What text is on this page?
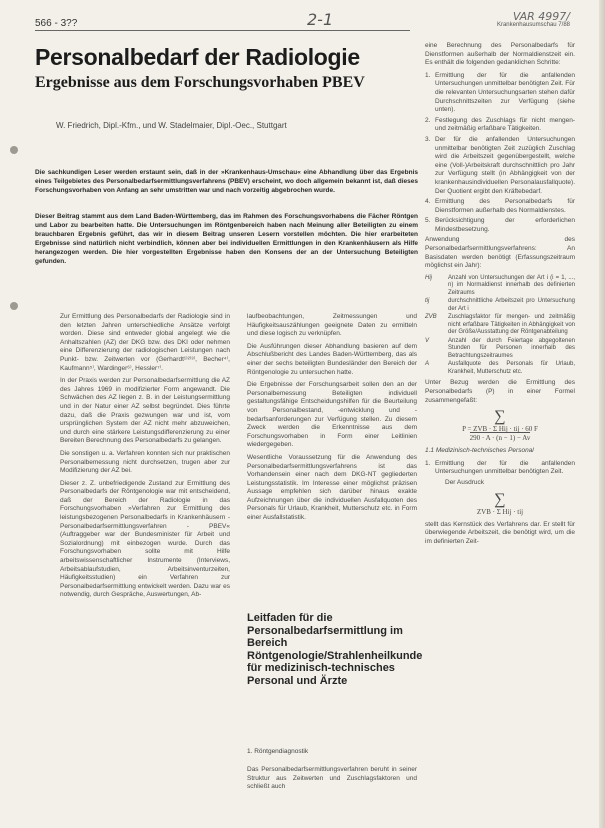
566 - 3??	2-1	VAR 4997/
Krankenhausumschau 7/88
Personalbedarf der Radiologie
Ergebnisse aus dem Forschungsvorhaben PBEV
W. Friedrich, Dipl.-Kfm., und W. Stadelmaier, Dipl.-Oec., Stuttgart

Die sachkundigen Leser werden erstaunt sein, daß in der »Krankenhaus-Umschau« eine Abhandlung über das Ergebnis eines Teilgebietes des Personalbedarfsermittlungsverfahrens (PBEV) erscheint, wo doch allgemein bekannt ist, daß dieses Forschungsvorhaben von Anfang an sehr umstritten war und nach vorzeitig abgebrochen wurde.

Dieser Beitrag stammt aus dem Land Baden-Württemberg, das im Rahmen des Forschungsvorhabens die Fächer Röntgen und Labor zu bearbeiten hatte. Die Untersuchungen im Röntgenbereich haben nach Meinung aller Beteiligten zu einem brauchbaren Ergebnis geführt, das wir in diesem Beitrag unseren Lesern vorstellen möchten. Die hier erarbeiteten Ergebnisse sind natürlich nicht verbindlich, können aber bei individuellen Ermittlungen in den Krankenhäusern als Hilfe herangezogen werden. Die hier vorgestellten Ergebnisse haben den Konsens der an der Untersuchung Beteiligten gefunden.

Zur Ermittlung des Personalbedarfs der Radiologie sind in den letzten Jahren unterschiedliche Ansätze verfolgt worden. Diese sind entweder global angelegt wie die Anhaltszahlen (AZ) der DKG bzw. des DKI oder nehmen eine Differenzierung der radiologischen Leistungen nach Punkt- bzw. Zeitwerten vor (Gerhardt¹⁾²⁾³⁾, Becher⁴⁾, Kaufmann⁵⁾, Wardinger⁶⁾, Hessler⁷⁾.

In der Praxis werden zur Personalbedarfsermittlung die AZ des Jahres 1969 in modifizierter Form angewandt. Die Schwächen des AZ liegen z. B. in der Leistungsermittlung und in der Natur einer AZ selbst begründet. Dies führte dazu, daß die Praxis gezwungen war und ist, vom ursprünglichen System der AZ nicht mehr abzuweichen, und durch eine stärkere Leistungsdifferenzierung zu einer Bereiten Berechnung des Personalbedarfs zu gelangen.

Die sonstigen u. a. Verfahren konnten sich nur praktischen Personalbemessung nicht durchsetzen, trugen aber zur Modifizierung der AZ bei.

Dieser z. Z. unbefriedigende Zustand zur Ermittlung des Personalbedarfs der Röntgenologie war mit entscheidend, daß der Bereich der Radiologie in das Forschungsvorhaben »Verfahren zur Ermittlung des leistungsbezogenen Personalbedarfs in Krankenhäusern - Personalbedarfsermittlungsverfahren - PBEV« (Auftraggeber war der Bundesminister für Arbeit und Sozialordnung) mit einbezogen wurde. Durch das Forschungsvorhaben sollte mit Hilfe arbeitswissenschaftlicher Instrumente (Interviews, Arbeitsablaufstudien, Arbeitsinventurzeiten, Häufigkeitsstudien) ein Verfahren zur Personalbedarfsermittlung entwickelt werden. Dazu war es notwendig, durch Gespräche, Auswertungen, Ab-

laufbeobachtungen, Zeitmessungen und Häufigkeitsauszählungen geeignete Daten zu ermitteln und diese logisch zu verknüpfen.

Die Ausführungen dieser Abhandlung basieren auf dem Abschlußbericht des Landes Baden-Württemberg, das als einer der sechs beteiligten Bundesländer den Bereich der Röntgenologie zu untersuchen hatte.

Die Ergebnisse der Forschungsarbeit sollen den an der Personalbemessung Beteiligten individuell gestaltungsfähige Entscheidungshilfen für die Beurteilung von Personalbestand, -entwicklung und -bedarfsanforderungen zur Verfügung stellen. Zu diesem Zweck werden die Erkenntnisse aus dem Forschungsvorhaben in Form einer Leitlinien wiedergegeben.

Wesentliche Voraussetzung für die Anwendung des Personalbedarfsermittlungsverfahrens ist das Vorhandensein einer nach dem DKG-NT gegliederten Leistungsstatistik. Im Interesse einer möglichst präzisen Aussage empfehlen sich darüber hinaus exakte Aufzeichnungen über die individuellen Ausfallquoten des Personals für Urlaub, Krankheit, Mutterschutz etc. in Form einer Ausfallstatistik.

Leitfaden für die Personalbedarfsermittlung im Bereich Röntgenologie/Strahlenheilkunde für medizinisch-technisches Personal und Ärzte
1. Röntgendiagnostik

Das Personalbedarfsermittlungsverfahren beruht in seiner Struktur aus Zeitwerten und Zuschlagsfaktoren und schließt auch

eine Berechnung des Personalbedarfs für Dienstformen außerhalb der Normaldienstzeit ein. Es enthält die folgenden gedanklichen Schritte:

1. Ermittlung der für die anfallenden Untersuchungen unmittelbar benötigten Zeit. Für die relevanten Untersuchungsarten stehen dafür Durchschnittszeiten zur Verfügung (siehe unten).
2. Festlegung des Zuschlags für nicht mengen- und zeitmäßig erfaßbare Tätigkeiten.
3. Der für die anfallenden Untersuchungen unmittelbar benötigten Zeit zuzüglich Zuschlag wird die Arbeitszeit gegenübergestellt, welche eine (Voll-)Arbeitskraft durchschnittlich pro Jahr zur Verfügung stellt (in Abhängigkeit von der krankenhausindividuellen Personalausfallquote). Der Quotient ergibt den Kräftebedarf.
4. Ermittlung des Personalbedarfs für Dienstformen außerhalb des Normaldienstes.
5. Berücksichtigung der erforderlichen Mindestbesetzung.

Anwendung des Personalbedarfsermittlungsverfahrens: An Basisdaten werden benötigt (Erfassungszeitraum möglichst ein Jahr):

Hij	Anzahl von Untersuchungen der Art i (i = 1, ..., n) im Normaldienst innerhalb des definierten Zeitraums
tij	durchschnittliche Arbeitszeit pro Untersuchung der Art i
ZVB	Zuschlagsfaktor für mengen- und zeitmäßig nicht erfaßbare Tätigkeiten in Abhängigkeit von der Größe/Ausstattung der Röntgenabteilung
V	Anzahl der durch Feiertage abgegoltenen Stunden für Personen innerhalb des Betrachtungszeitraumes
A	Ausfallquote des Personals für Urlaub, Krankheit, Mutterschutz etc.

Unter Bezug werden die Ermittlung des Personalbedarfs (P) in einer Formel zusammengefaßt:

∑
P = ZVB · Σ Hij · tij · 60 F
290 · A · (n − 1) − Av

1.1 Medizinisch-technisches Personal

1. Ermittlung der für die anfallenden Untersuchungen unmittelbar benötigten Zeit.

Der Ausdruck

∑
ZVB · Σ Hij · tij

stellt das Kernstück des Verfahrens dar. Er stellt für überwiegende Arbeitszeit, die benötigt wird, um die im definierten Zeit-
